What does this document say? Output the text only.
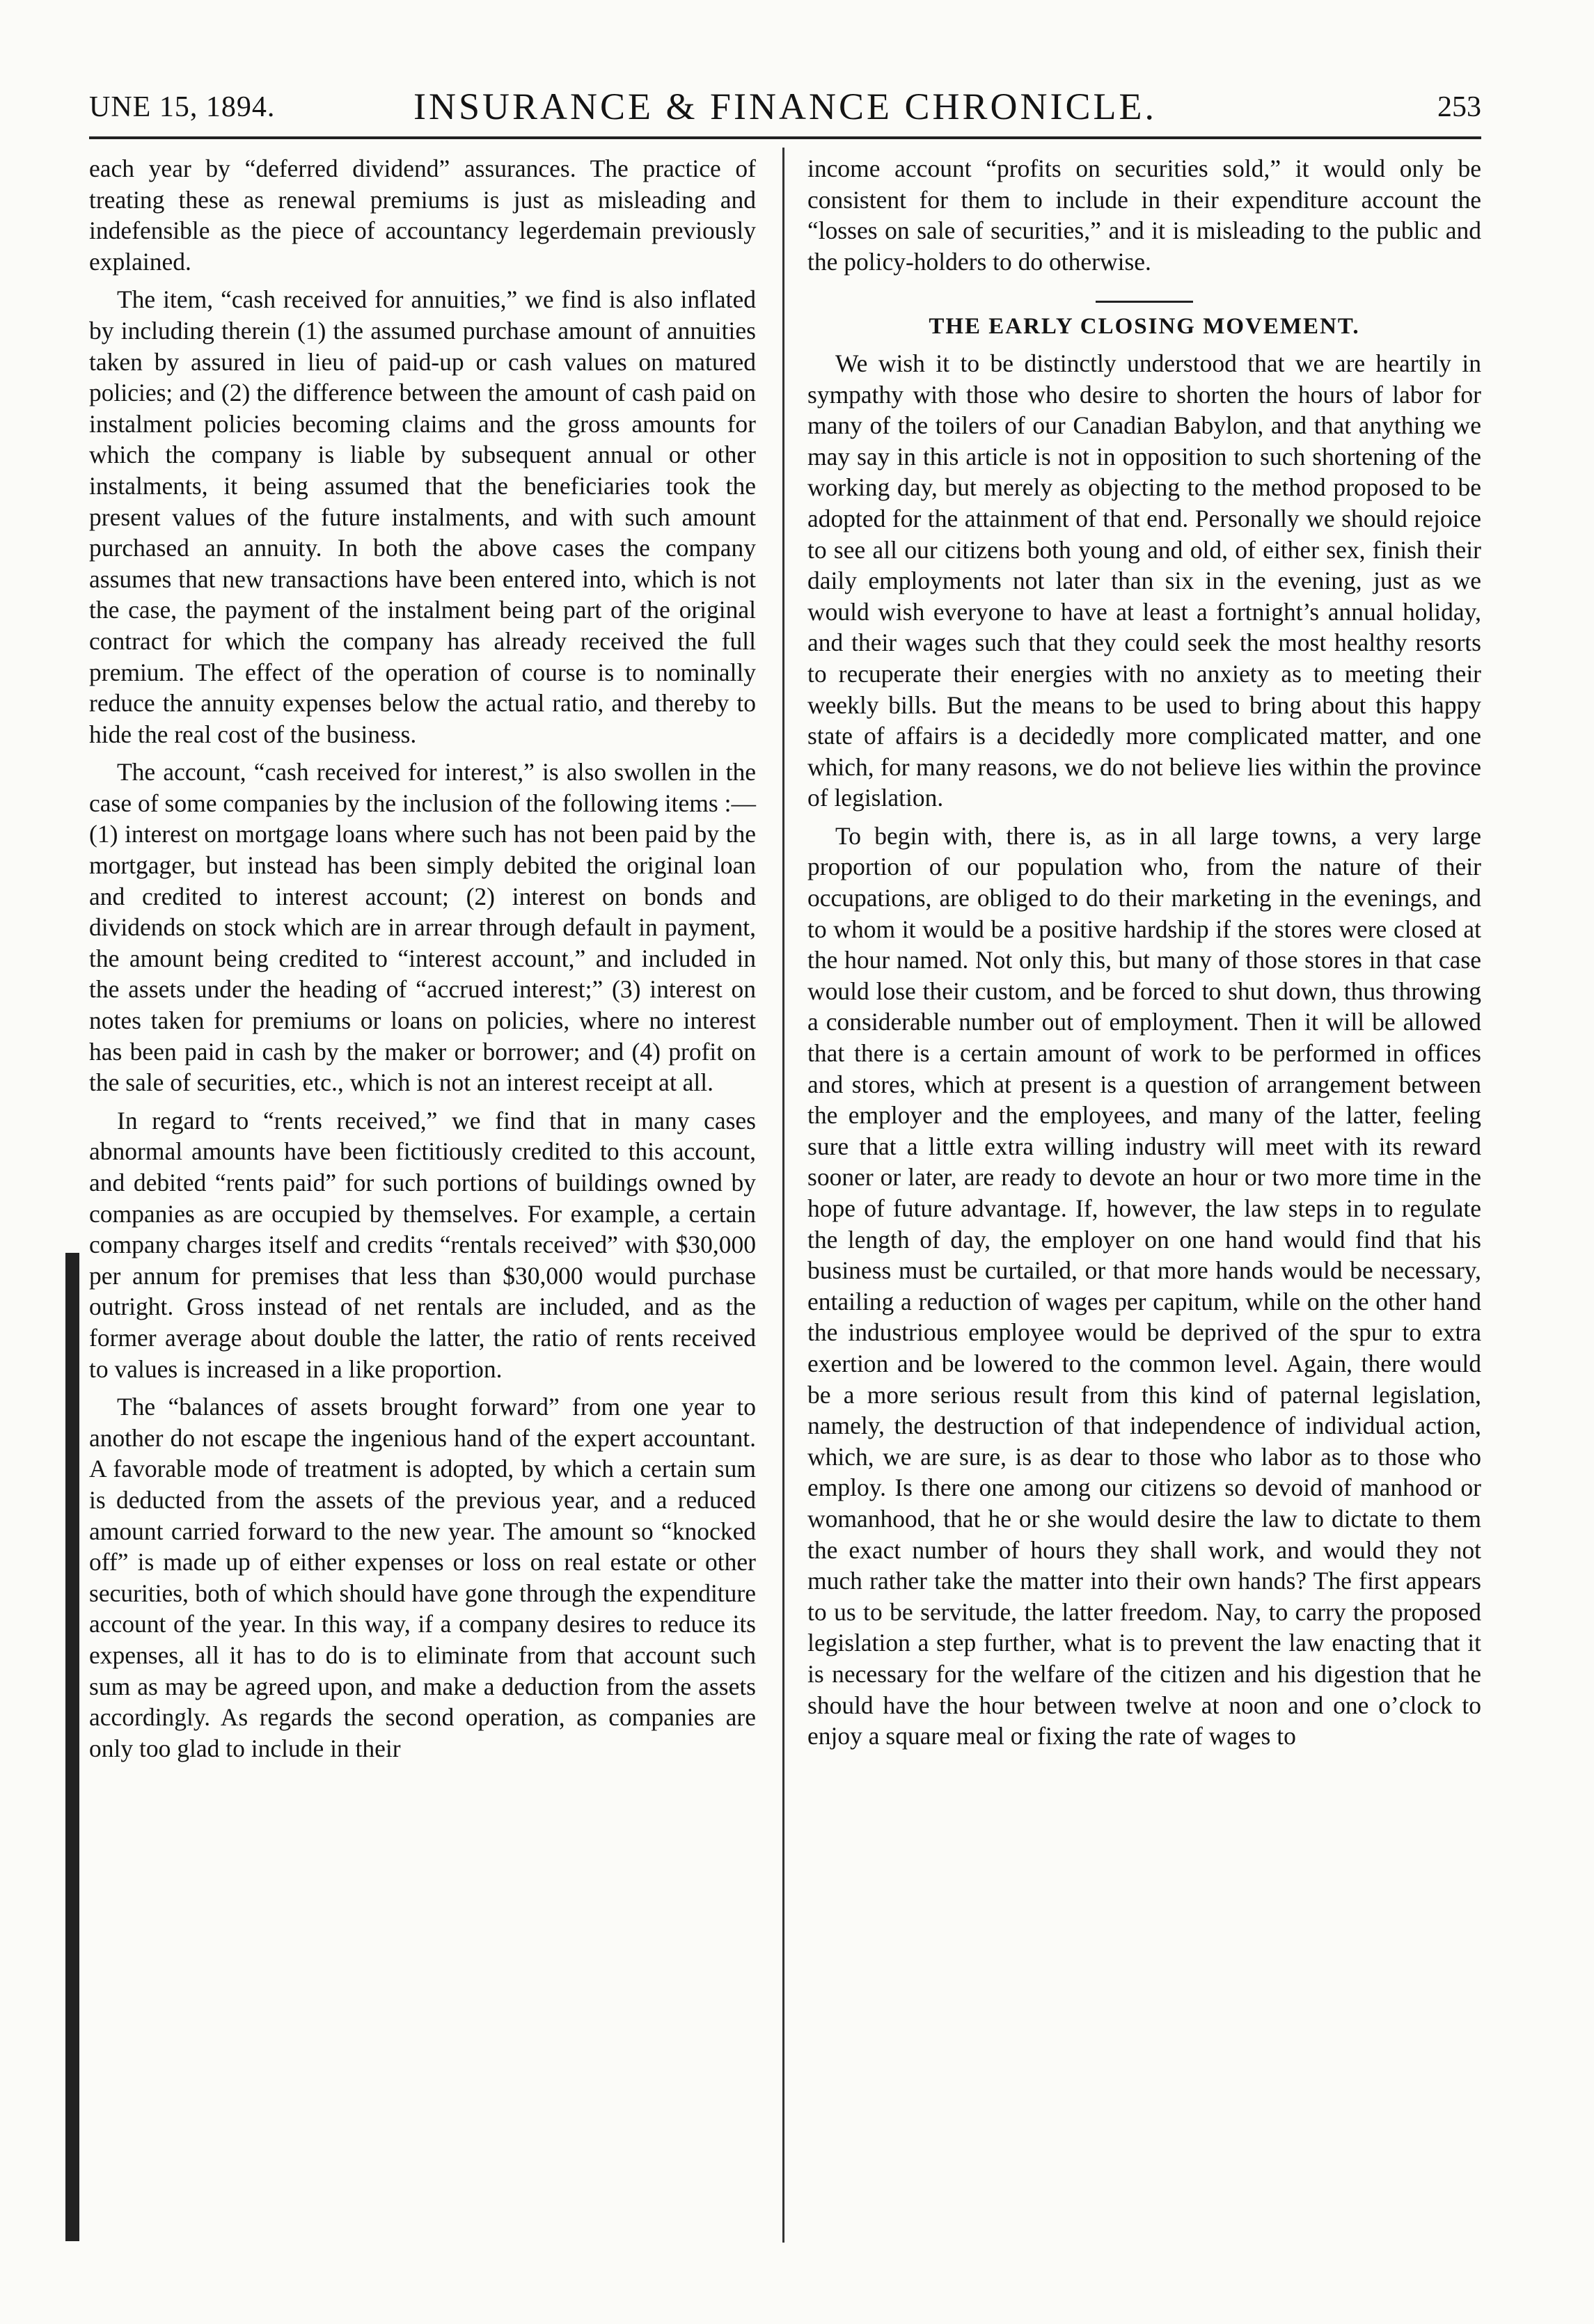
UNE 15, 1894.	INSURANCE & FINANCE CHRONICLE.	253

each year by “deferred dividend” assurances. The practice of treating these as renewal premiums is just as misleading and indefensible as the piece of accountancy legerdemain previously explained.

The item, “cash received for annuities,” we find is also inflated by including therein (1) the assumed purchase amount of annuities taken by assured in lieu of paid-up or cash values on matured policies; and (2) the difference between the amount of cash paid on instalment policies becoming claims and the gross amounts for which the company is liable by subsequent annual or other instalments, it being assumed that the beneficiaries took the present values of the future instalments, and with such amount purchased an annuity. In both the above cases the company assumes that new transactions have been entered into, which is not the case, the payment of the instalment being part of the original contract for which the company has already received the full premium. The effect of the operation of course is to nominally reduce the annuity expenses below the actual ratio, and thereby to hide the real cost of the business.

The account, “cash received for interest,” is also swollen in the case of some companies by the inclusion of the following items :—(1) interest on mortgage loans where such has not been paid by the mortgager, but instead has been simply debited the original loan and credited to interest account; (2) interest on bonds and dividends on stock which are in arrear through default in payment, the amount being credited to “interest account,” and included in the assets under the heading of “accrued interest;” (3) interest on notes taken for premiums or loans on policies, where no interest has been paid in cash by the maker or borrower; and (4) profit on the sale of securities, etc., which is not an interest receipt at all.

In regard to “rents received,” we find that in many cases abnormal amounts have been fictitiously credited to this account, and debited “rents paid” for such portions of buildings owned by companies as are occupied by themselves. For example, a certain company charges itself and credits “rentals received” with $30,000 per annum for premises that less than $30,000 would purchase outright. Gross instead of net rentals are included, and as the former average about double the latter, the ratio of rents received to values is increased in a like proportion.

The “balances of assets brought forward” from one year to another do not escape the ingenious hand of the expert accountant. A favorable mode of treatment is adopted, by which a certain sum is deducted from the assets of the previous year, and a reduced amount carried forward to the new year. The amount so “knocked off” is made up of either expenses or loss on real estate or other securities, both of which should have gone through the expenditure account of the year. In this way, if a company desires to reduce its expenses, all it has to do is to eliminate from that account such sum as may be agreed upon, and make a deduction from the assets accordingly. As regards the second operation, as companies are only too glad to include in their

income account “profits on securities sold,” it would only be consistent for them to include in their expenditure account the “losses on sale of securities,” and it is misleading to the public and the policy-holders to do otherwise.

THE EARLY CLOSING MOVEMENT.

We wish it to be distinctly understood that we are heartily in sympathy with those who desire to shorten the hours of labor for many of the toilers of our Canadian Babylon, and that anything we may say in this article is not in opposition to such shortening of the working day, but merely as objecting to the method proposed to be adopted for the attainment of that end. Personally we should rejoice to see all our citizens both young and old, of either sex, finish their daily employments not later than six in the evening, just as we would wish everyone to have at least a fortnight’s annual holiday, and their wages such that they could seek the most healthy resorts to recuperate their energies with no anxiety as to meeting their weekly bills. But the means to be used to bring about this happy state of affairs is a decidedly more complicated matter, and one which, for many reasons, we do not believe lies within the province of legislation.

To begin with, there is, as in all large towns, a very large proportion of our population who, from the nature of their occupations, are obliged to do their marketing in the evenings, and to whom it would be a positive hardship if the stores were closed at the hour named. Not only this, but many of those stores in that case would lose their custom, and be forced to shut down, thus throwing a considerable number out of employment. Then it will be allowed that there is a certain amount of work to be performed in offices and stores, which at present is a question of arrangement between the employer and the employees, and many of the latter, feeling sure that a little extra willing industry will meet with its reward sooner or later, are ready to devote an hour or two more time in the hope of future advantage. If, however, the law steps in to regulate the length of day, the employer on one hand would find that his business must be curtailed, or that more hands would be necessary, entailing a reduction of wages per capitum, while on the other hand the industrious employee would be deprived of the spur to extra exertion and be lowered to the common level. Again, there would be a more serious result from this kind of paternal legislation, namely, the destruction of that independence of individual action, which, we are sure, is as dear to those who labor as to those who employ. Is there one among our citizens so devoid of manhood or womanhood, that he or she would desire the law to dictate to them the exact number of hours they shall work, and would they not much rather take the matter into their own hands? The first appears to us to be servitude, the latter freedom. Nay, to carry the proposed legislation a step further, what is to prevent the law enacting that it is necessary for the welfare of the citizen and his digestion that he should have the hour between twelve at noon and one o’clock to enjoy a square meal or fixing the rate of wages to
